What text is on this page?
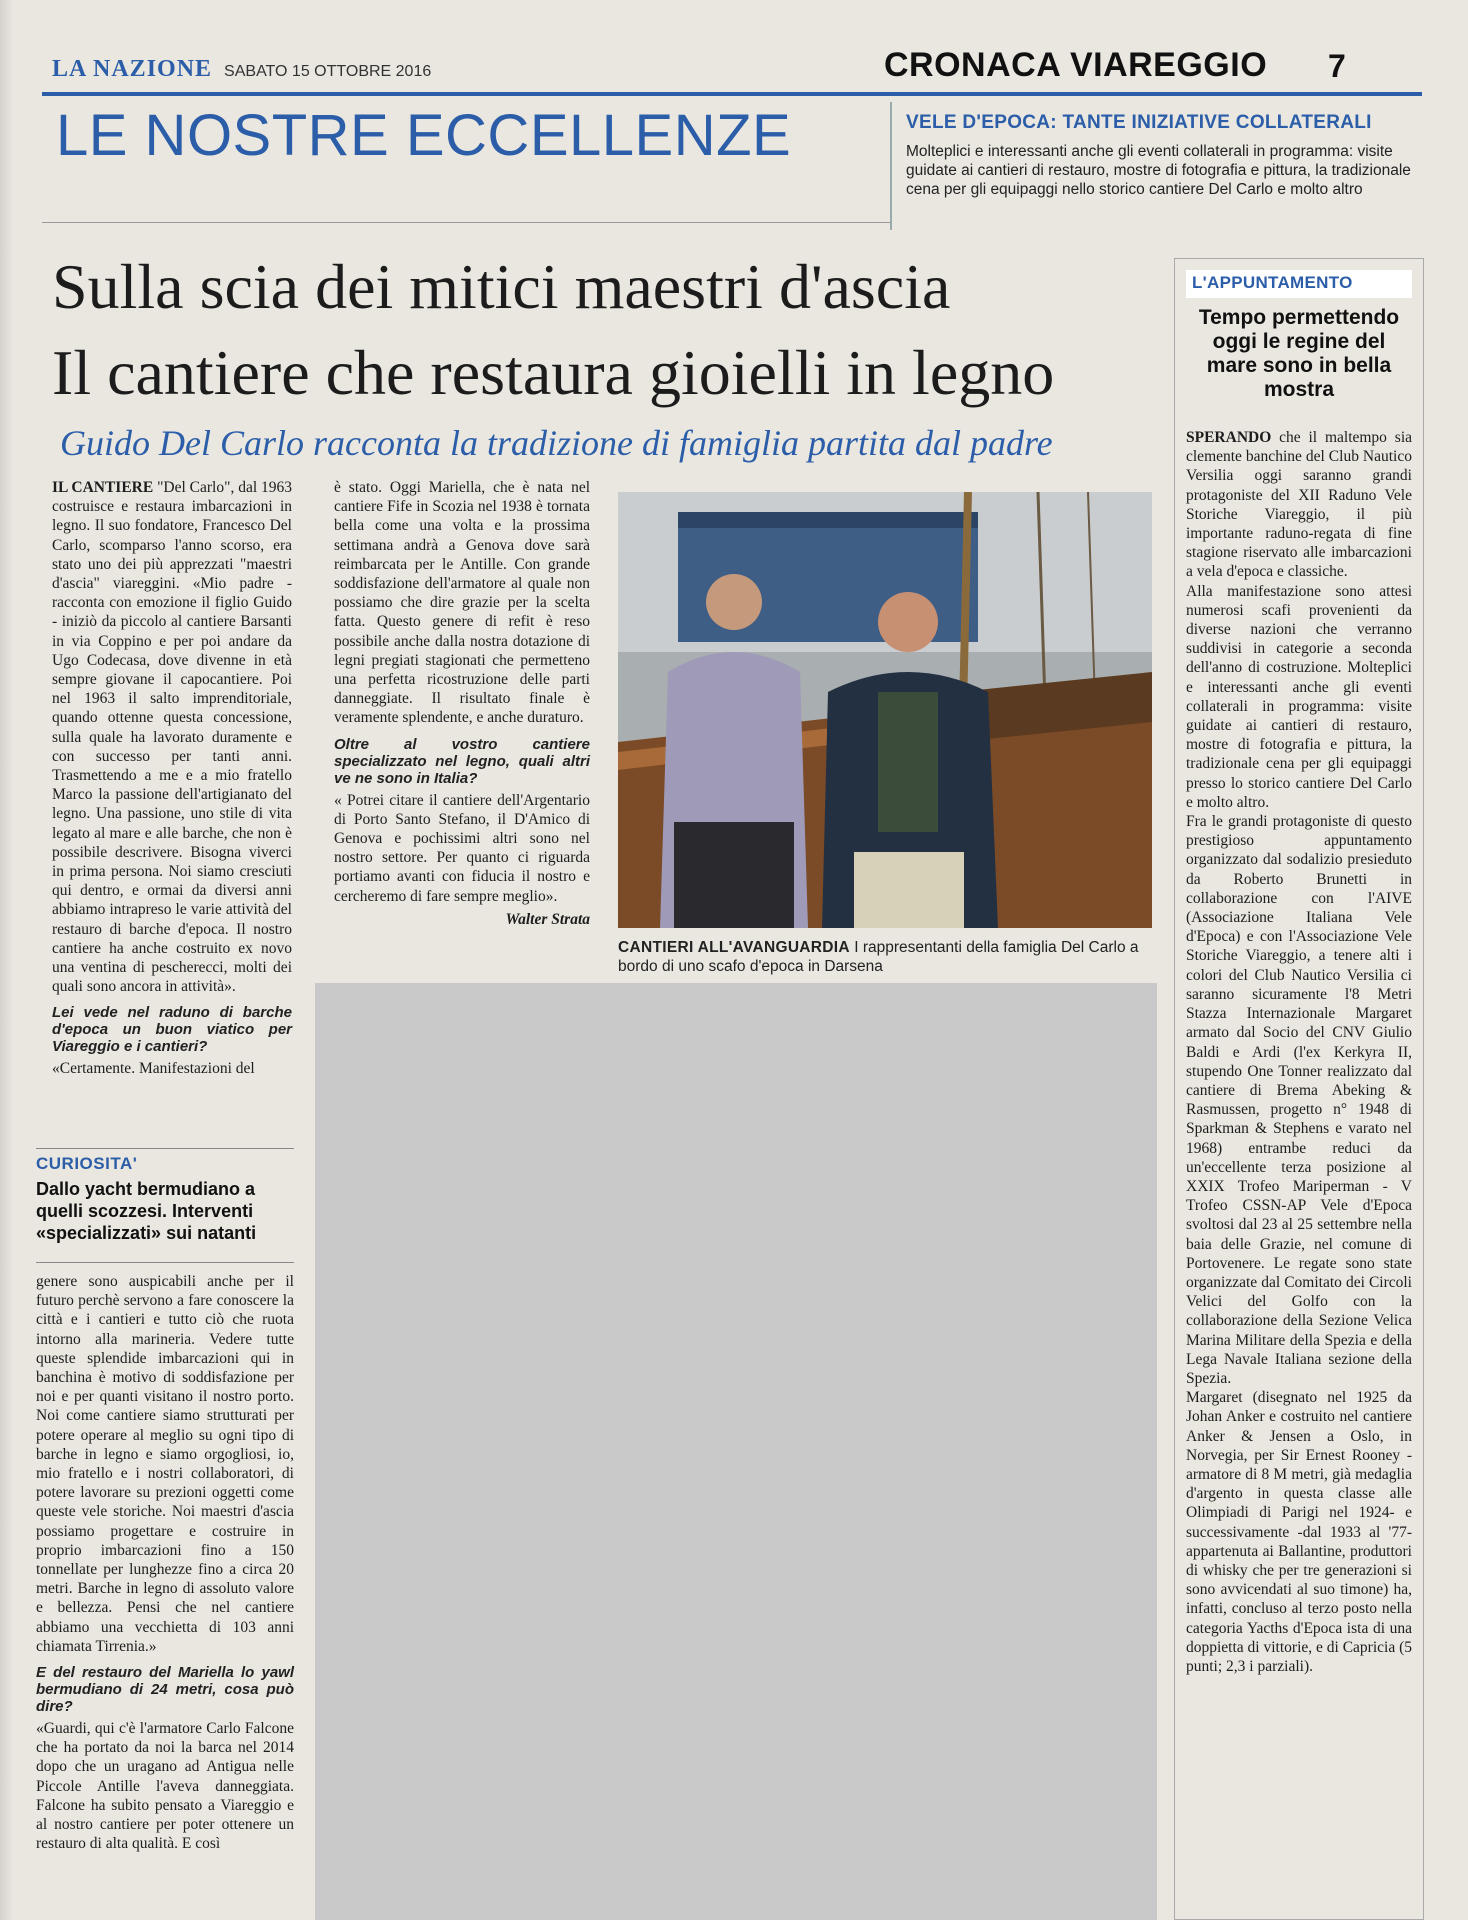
LA NAZIONE SABATO 15 OTTOBRE 2016	CRONACA VIAREGGIO 7
LE NOSTRE ECCELLENZE	VELE D'EPOCA: TANTE INIZIATIVE COLLATERALI

Molteplici e interessanti anche gli eventi collaterali in programma: visite guidate ai cantieri di restauro, mostre di fotografia e pittura, la tradizionale cena per gli equipaggi nello storico cantiere Del Carlo e molto altro

Sulla scia dei mitici maestri d'ascia
Il cantiere che restaura gioielli in legno
Guido Del Carlo racconta la tradizione di famiglia partita dal padre

IL CANTIERE "Del Carlo", dal 1963 costruisce e restaura imbarcazioni in legno. Il suo fondatore, Francesco Del Carlo, scomparso l'anno scorso, era stato uno dei più apprezzati "maestri d'ascia" viareggini. «Mio padre - racconta con emozione il figlio Guido - iniziò da piccolo al cantiere Barsanti in via Coppino e per poi andare da Ugo Codecasa, dove divenne in età sempre giovane il capocantiere. Poi nel 1963 il salto imprenditoriale, quando ottenne questa concessione, sulla quale ha lavorato duramente e con successo per tanti anni. Trasmettendo a me e a mio fratello Marco la passione dell'artigianato del legno. Una passione, uno stile di vita legato al mare e alle barche, che non è possibile descrivere. Bisogna viverci in prima persona. Noi siamo cresciuti qui dentro, e ormai da diversi anni abbiamo intrapreso le varie attività del restauro di barche d'epoca. Il nostro cantiere ha anche costruito ex novo una ventina di pescherecci, molti dei quali sono ancora in attività».

Lei vede nel raduno di barche d'epoca un buon viatico per Viareggio e i cantieri?

«Certamente. Manifestazioni del

è stato. Oggi Mariella, che è nata nel cantiere Fife in Scozia nel 1938 è tornata bella come una volta e la prossima settimana andrà a Genova dove sarà reimbarcata per le Antille. Con grande soddisfazione dell'armatore al quale non possiamo che dire grazie per la scelta fatta. Questo genere di refit è reso possibile anche dalla nostra dotazione di legni pregiati stagionati che permetteno una perfetta ricostruzione delle parti danneggiate. Il risultato finale è veramente splendente, e anche duraturo.

Oltre al vostro cantiere specializzato nel legno, quali altri ve ne sono in Italia?

« Potrei citare il cantiere dell'Argentario di Porto Santo Stefano, il D'Amico di Genova e pochissimi altri sono nel nostro settore. Per quanto ci riguarda portiamo avanti con fiducia il nostro e cercheremo di fare sempre meglio».

Walter Strata

CANTIERI ALL'AVANGUARDIA I rappresentanti della famiglia Del Carlo a bordo di uno scafo d'epoca in Darsena
CURIOSITA'
Dallo yacht bermudiano a quelli scozzesi. Interventi «specializzati» sui natanti

genere sono auspicabili anche per il futuro perchè servono a fare conoscere la città e i cantieri e tutto ciò che ruota intorno alla marineria. Vedere tutte queste splendide imbarcazioni qui in banchina è motivo di soddisfazione per noi e per quanti visitano il nostro porto. Noi come cantiere siamo strutturati per potere operare al meglio su ogni tipo di barche in legno e siamo orgogliosi, io, mio fratello e i nostri collaboratori, di potere lavorare su prezioni oggetti come queste vele storiche. Noi maestri d'ascia possiamo progettare e costruire in proprio imbarcazioni fino a 150 tonnellate per lunghezze fino a circa 20 metri. Barche in legno di assoluto valore e bellezza. Pensi che nel cantiere abbiamo una vecchietta di 103 anni chiamata Tirrenia.»

E del restauro del Mariella lo yawl bermudiano di 24 metri, cosa può dire?

«Guardi, qui c'è l'armatore Carlo Falcone che ha portato da noi la barca nel 2014 dopo che un uragano ad Antigua nelle Piccole Antille l'aveva danneggiata. Falcone ha subito pensato a Viareggio e al nostro cantiere per poter ottenere un restauro di alta qualità. E così

L'APPUNTAMENTO
Tempo permettendo oggi le regine del mare sono in bella mostra

SPERANDO che il maltempo sia clemente banchine del Club Nautico Versilia oggi saranno grandi protagoniste del XII Raduno Vele Storiche Viareggio, il più importante raduno-regata di fine stagione riservato alle imbarcazioni a vela d'epoca e classiche.

Alla manifestazione sono attesi numerosi scafi provenienti da diverse nazioni che verranno suddivisi in categorie a seconda dell'anno di costruzione. Molteplici e interessanti anche gli eventi collaterali in programma: visite guidate ai cantieri di restauro, mostre di fotografia e pittura, la tradizionale cena per gli equipaggi presso lo storico cantiere Del Carlo e molto altro.

Fra le grandi protagoniste di questo prestigioso appuntamento organizzato dal sodalizio presieduto da Roberto Brunetti in collaborazione con l'AIVE (Associazione Italiana Vele d'Epoca) e con l'Associazione Vele Storiche Viareggio, a tenere alti i colori del Club Nautico Versilia ci saranno sicuramente l'8 Metri Stazza Internazionale Margaret armato dal Socio del CNV Giulio Baldi e Ardi (l'ex Kerkyra II, stupendo One Tonner realizzato dal cantiere di Brema Abeking & Rasmussen, progetto n° 1948 di Sparkman & Stephens e varato nel 1968) entrambe reduci da un'eccellente terza posizione al XXIX Trofeo Mariperman - V Trofeo CSSN-AP Vele d'Epoca svoltosi dal 23 al 25 settembre nella baia delle Grazie, nel comune di Portovenere. Le regate sono state organizzate dal Comitato dei Circoli Velici del Golfo con la collaborazione della Sezione Velica Marina Militare della Spezia e della Lega Navale Italiana sezione della Spezia.

Margaret (disegnato nel 1925 da Johan Anker e costruito nel cantiere Anker & Jensen a Oslo, in Norvegia, per Sir Ernest Rooney -armatore di 8 M metri, già medaglia d'argento in questa classe alle Olimpiadi di Parigi nel 1924- e successivamente -dal 1933 al '77- appartenuta ai Ballantine, produttori di whisky che per tre generazioni si sono avvicendati al suo timone) ha, infatti, concluso al terzo posto nella categoria Yacths d'Epoca ista di una doppietta di vittorie, e di Capricia (5 punti; 2,3 i parziali).
